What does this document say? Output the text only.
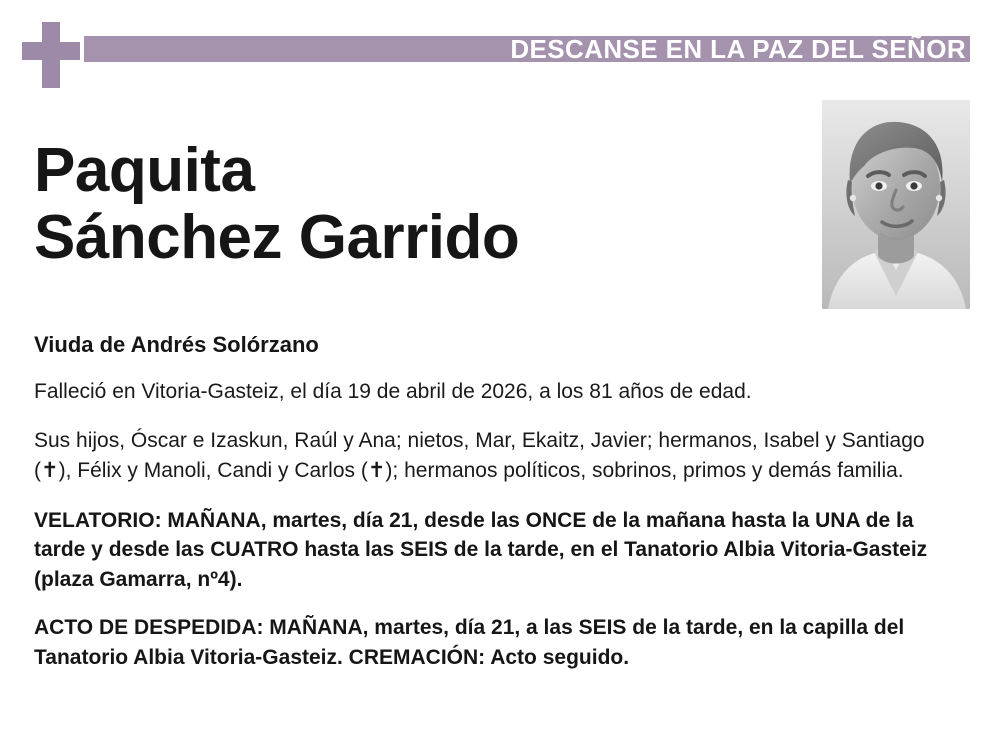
DESCANSE EN LA PAZ DEL SEÑOR
Paquita
Sánchez Garrido

Viuda de Andrés Solórzano

Falleció en Vitoria-Gasteiz, el día 19 de abril de 2026, a los 81 años de edad.

Sus hijos, Óscar e Izaskun, Raúl y Ana; nietos, Mar, Ekaitz, Javier; hermanos, Isabel y Santiago (✝), Félix y Manoli, Candi y Carlos (✝); hermanos políticos, sobrinos, primos y demás familia.

VELATORIO: MAÑANA, martes, día 21, desde las ONCE de la mañana hasta la UNA de la tarde y desde las CUATRO hasta las SEIS de la tarde, en el Tanatorio Albia Vitoria-Gasteiz (plaza Gamarra, nº4).

ACTO DE DESPEDIDA: MAÑANA, martes, día 21, a las SEIS de la tarde, en la capilla del Tanatorio Albia Vitoria-Gasteiz. CREMACIÓN: Acto seguido.
